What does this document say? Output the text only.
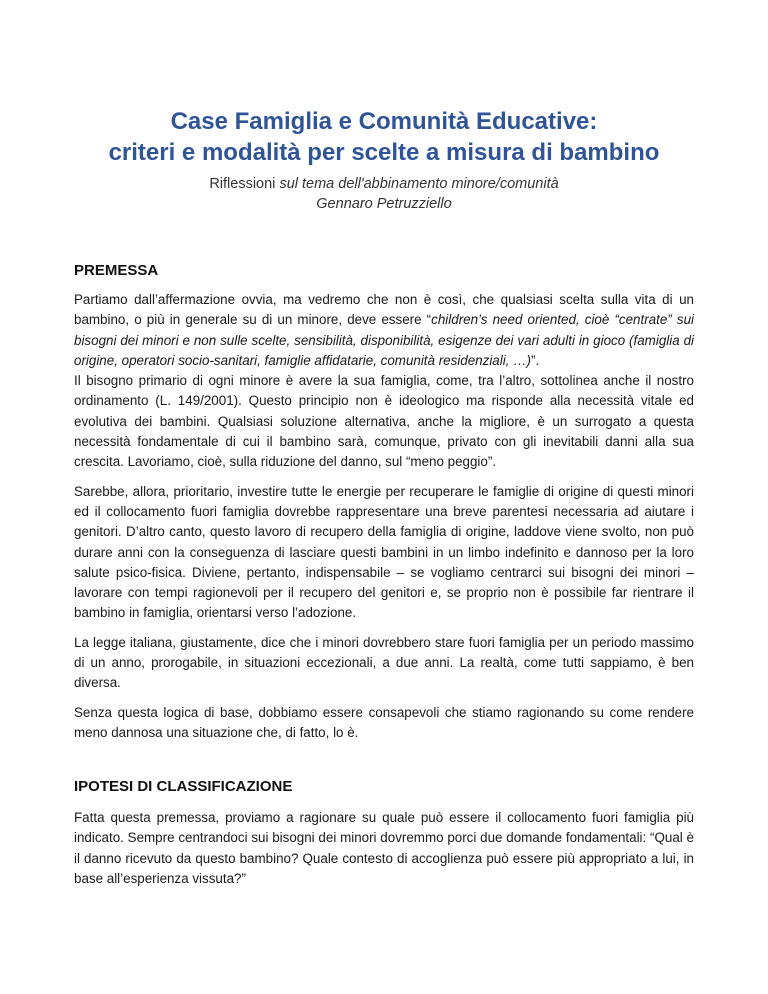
Case Famiglia e Comunità Educative:
criteri e modalità per scelte a misura di bambino
Riflessioni sul tema dell'abbinamento minore/comunità
Gennaro Petruzziello
PREMESSA

Partiamo dall’affermazione ovvia, ma vedremo che non è così, che qualsiasi scelta sulla vita di un bambino, o più in generale su di un minore, deve essere “children’s need oriented, cioè “centrate” sui bisogni dei minori e non sulle scelte, sensibilità, disponibilità, esigenze dei vari adulti in gioco (famiglia di origine, operatori socio-sanitari, famiglie affidatarie, comunità residenziali, …)”.
Il bisogno primario di ogni minore è avere la sua famiglia, come, tra l’altro, sottolinea anche il nostro ordinamento (L. 149/2001). Questo principio non è ideologico ma risponde alla necessità vitale ed evolutiva dei bambini. Qualsiasi soluzione alternativa, anche la migliore, è un surrogato a questa necessità fondamentale di cui il bambino sarà, comunque, privato con gli inevitabili danni alla sua crescita. Lavoriamo, cioè, sulla riduzione del danno, sul “meno peggio”.

Sarebbe, allora, prioritario, investire tutte le energie per recuperare le famiglie di origine di questi minori ed il collocamento fuori famiglia dovrebbe rappresentare una breve parentesi necessaria ad aiutare i genitori. D’altro canto, questo lavoro di recupero della famiglia di origine, laddove viene svolto, non può durare anni con la conseguenza di lasciare questi bambini in un limbo indefinito e dannoso per la loro salute psico-fisica. Diviene, pertanto, indispensabile – se vogliamo centrarci sui bisogni dei minori – lavorare con tempi ragionevoli per il recupero del genitori e, se proprio non è possibile far rientrare il bambino in famiglia, orientarsi verso l’adozione.

La legge italiana, giustamente, dice che i minori dovrebbero stare fuori famiglia per un periodo massimo di un anno, prorogabile, in situazioni eccezionali, a due anni. La realtà, come tutti sappiamo, è ben diversa.

Senza questa logica di base, dobbiamo essere consapevoli che stiamo ragionando su come rendere meno dannosa una situazione che, di fatto, lo è.

IPOTESI DI CLASSIFICAZIONE

Fatta questa premessa, proviamo a ragionare su quale può essere il collocamento fuori famiglia più indicato. Sempre centrandoci sui bisogni dei minori dovremmo porci due domande fondamentali: “Qual è il danno ricevuto da questo bambino? Quale contesto di accoglienza può essere più appropriato a lui, in base all’esperienza vissuta?”
